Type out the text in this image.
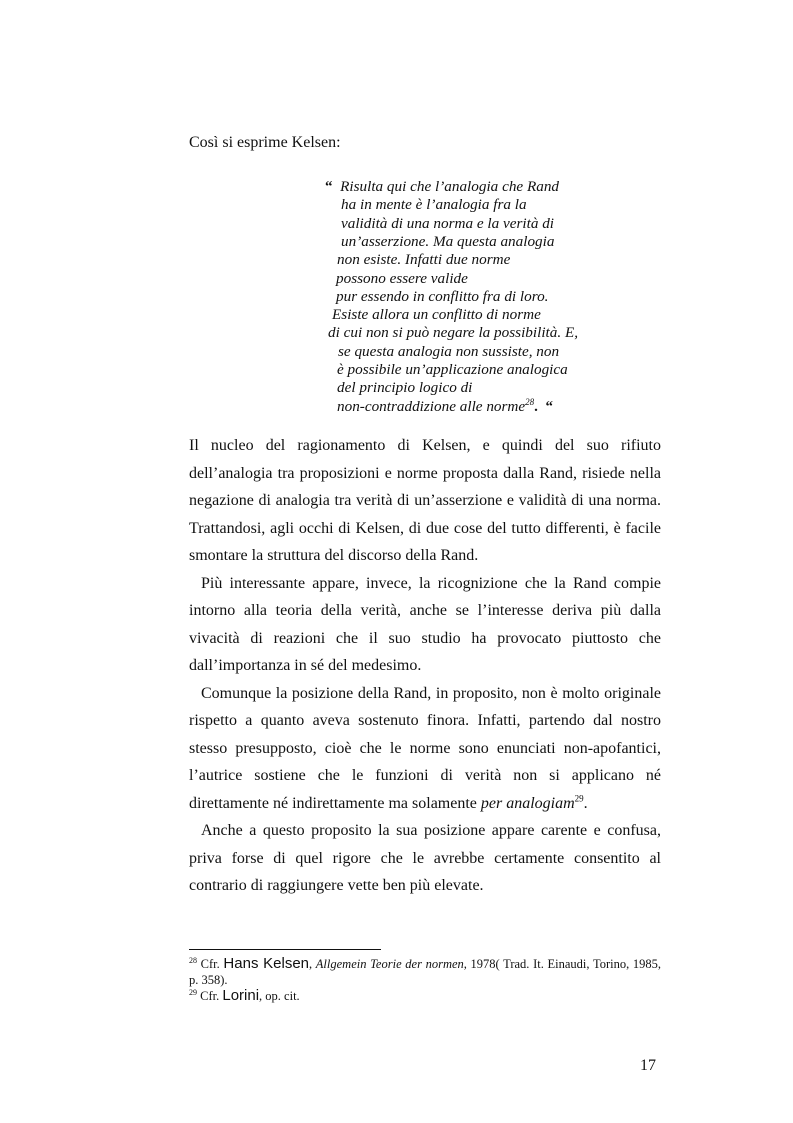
Così si esprime Kelsen:
“ Risulta qui che l’analogia che Rand
ha in mente è l’analogia fra la
validità di una norma e la verità di
un’asserzione. Ma questa analogia
non esiste. Infatti due norme
possono essere valide
pur essendo in conflitto fra di loro.
Esiste allora un conflitto di norme
di cui non si può negare la possibilità. E,
se questa analogia non sussiste, non
è possibile un’applicazione analogica
del principio logico di
non-contraddizione alle norme$^{28}$. “

Il nucleo del ragionamento di Kelsen, e quindi del suo rifiuto dell’analogia tra proposizioni e norme proposta dalla Rand, risiede nella negazione di analogia tra verità di un’asserzione e validità di una norma. Trattandosi, agli occhi di Kelsen, di due cose del tutto differenti, è facile smontare la struttura del discorso della Rand.

Più interessante appare, invece, la ricognizione che la Rand compie intorno alla teoria della verità, anche se l’interesse deriva più dalla vivacità di reazioni che il suo studio ha provocato piuttosto che dall’importanza in sé del medesimo.

Comunque la posizione della Rand, in proposito, non è molto originale rispetto a quanto aveva sostenuto finora. Infatti, partendo dal nostro stesso presupposto, cioè che le norme sono enunciati non-apofantici, l’autrice sostiene che le funzioni di verità non si applicano né direttamente né indirettamente ma solamente per analogiam$^{29}$.

Anche a questo proposito la sua posizione appare carente e confusa, priva forse di quel rigore che le avrebbe certamente consentito al contrario di raggiungere vette ben più elevate.

$^{28}$ Cfr. Hans Kelsen, Allgemein Teorie der normen, 1978( Trad. It. Einaudi, Torino, 1985, p. 358).

$^{29}$ Cfr. Lorini, op. cit.

17
